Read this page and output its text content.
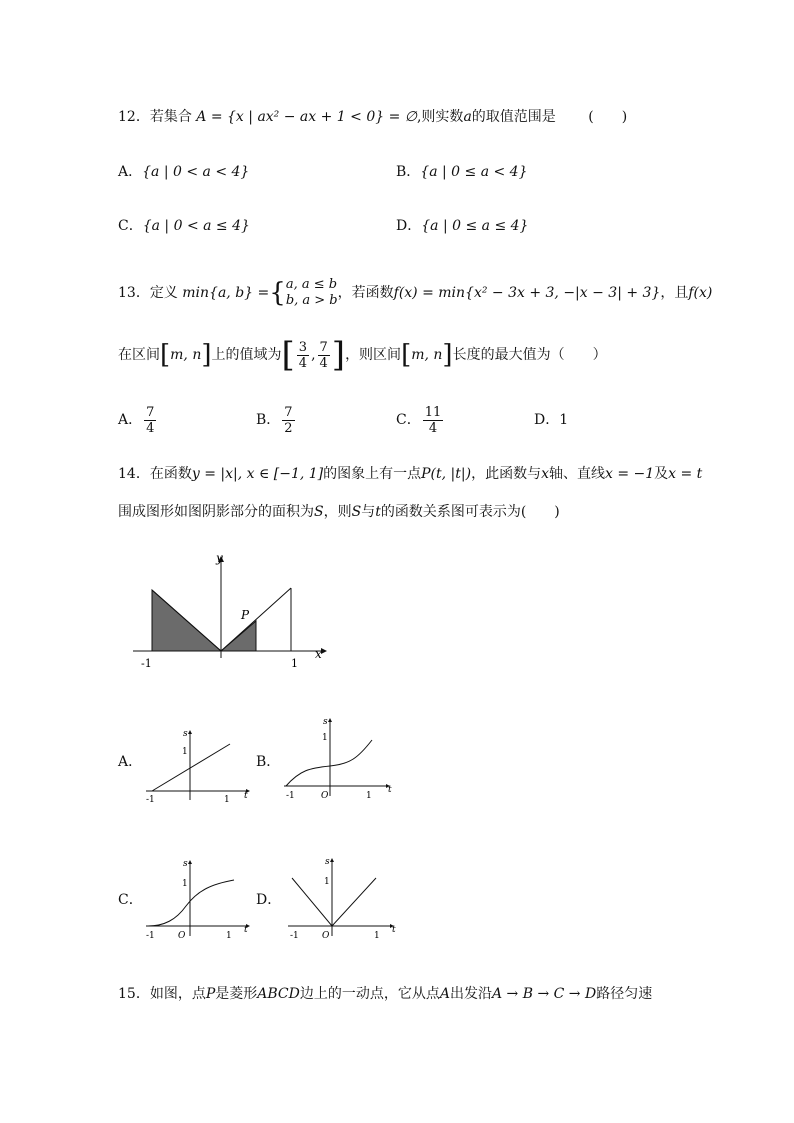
12．若集合 A = {x | ax² − ax + 1 < 0} = ∅,则实数a的取值范围是 (　　)
A．{a | 0 < a < 4}	B．{a | 0 ≤ a < 4}
C．{a | 0 < a ≤ 4}	D．{a | 0 ≤ a ≤ 4}
13．定义 min{a, b} ={ a, a ≤ b
b, a > b ，若函数f(x) = min{x² − 3x + 3, −|x − 3| + 3}，且f(x)
在区间[m, n]上的值域为[ $\frac{3}{4}$ , $\frac{7}{4}$ ]，则区间[m, n]长度的最大值为（　　）
A． $\frac{7}{4}$	B． $\frac{7}{2}$	C． $\frac{11}{4}$	D．1
14．在函数y = |x|, x ∈ [−1, 1]的图象上有一点P(t, |t|)，此函数与x轴、直线x = −1及x = t
围成图形如图阴影部分的面积为S，则S与t的函数关系图可表示为(　　)
y
x
P
-1	1
A．	B．
C．	D．
s
1
-1	1 t
s
1
-1	O	1
t
s
1
-1	O	1
t
s
1
-1	O	1
t
15．如图，点P是菱形ABCD边上的一动点，它从点A出发沿A → B → C → D路径匀速
